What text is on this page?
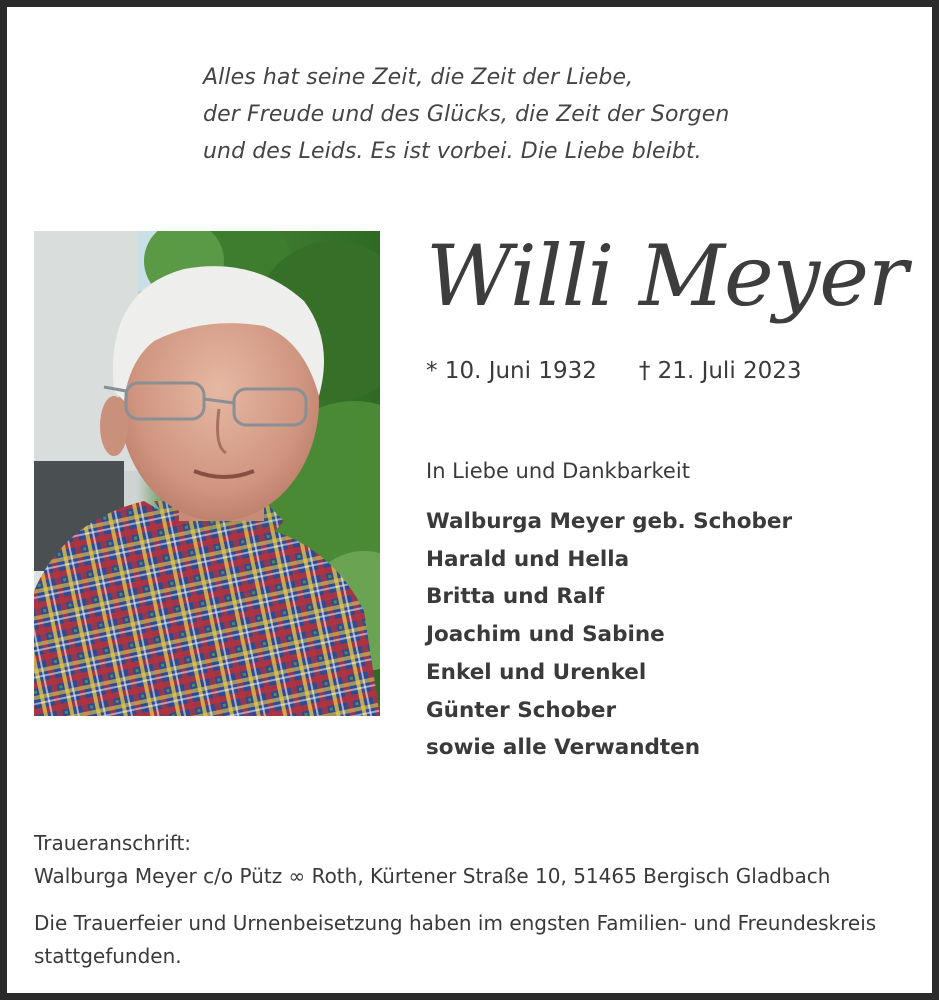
Alles hat seine Zeit, die Zeit der Liebe,
der Freude und des Glücks, die Zeit der Sorgen
und des Leids. Es ist vorbei. Die Liebe bleibt.
Willi Meyer
* 10. Juni 1932 † 21. Juli 2023
In Liebe und Dankbarkeit
Walburga Meyer geb. Schober
Harald und Hella
Britta und Ralf
Joachim und Sabine
Enkel und Urenkel
Günter Schober
sowie alle Verwandten
Traueranschrift:
Walburga Meyer c/o Pütz ∞ Roth, Kürtener Straße 10, 51465 Bergisch Gladbach
Die Trauerfeier und Urnenbeisetzung haben im engsten Familien- und Freundeskreis stattgefunden.
